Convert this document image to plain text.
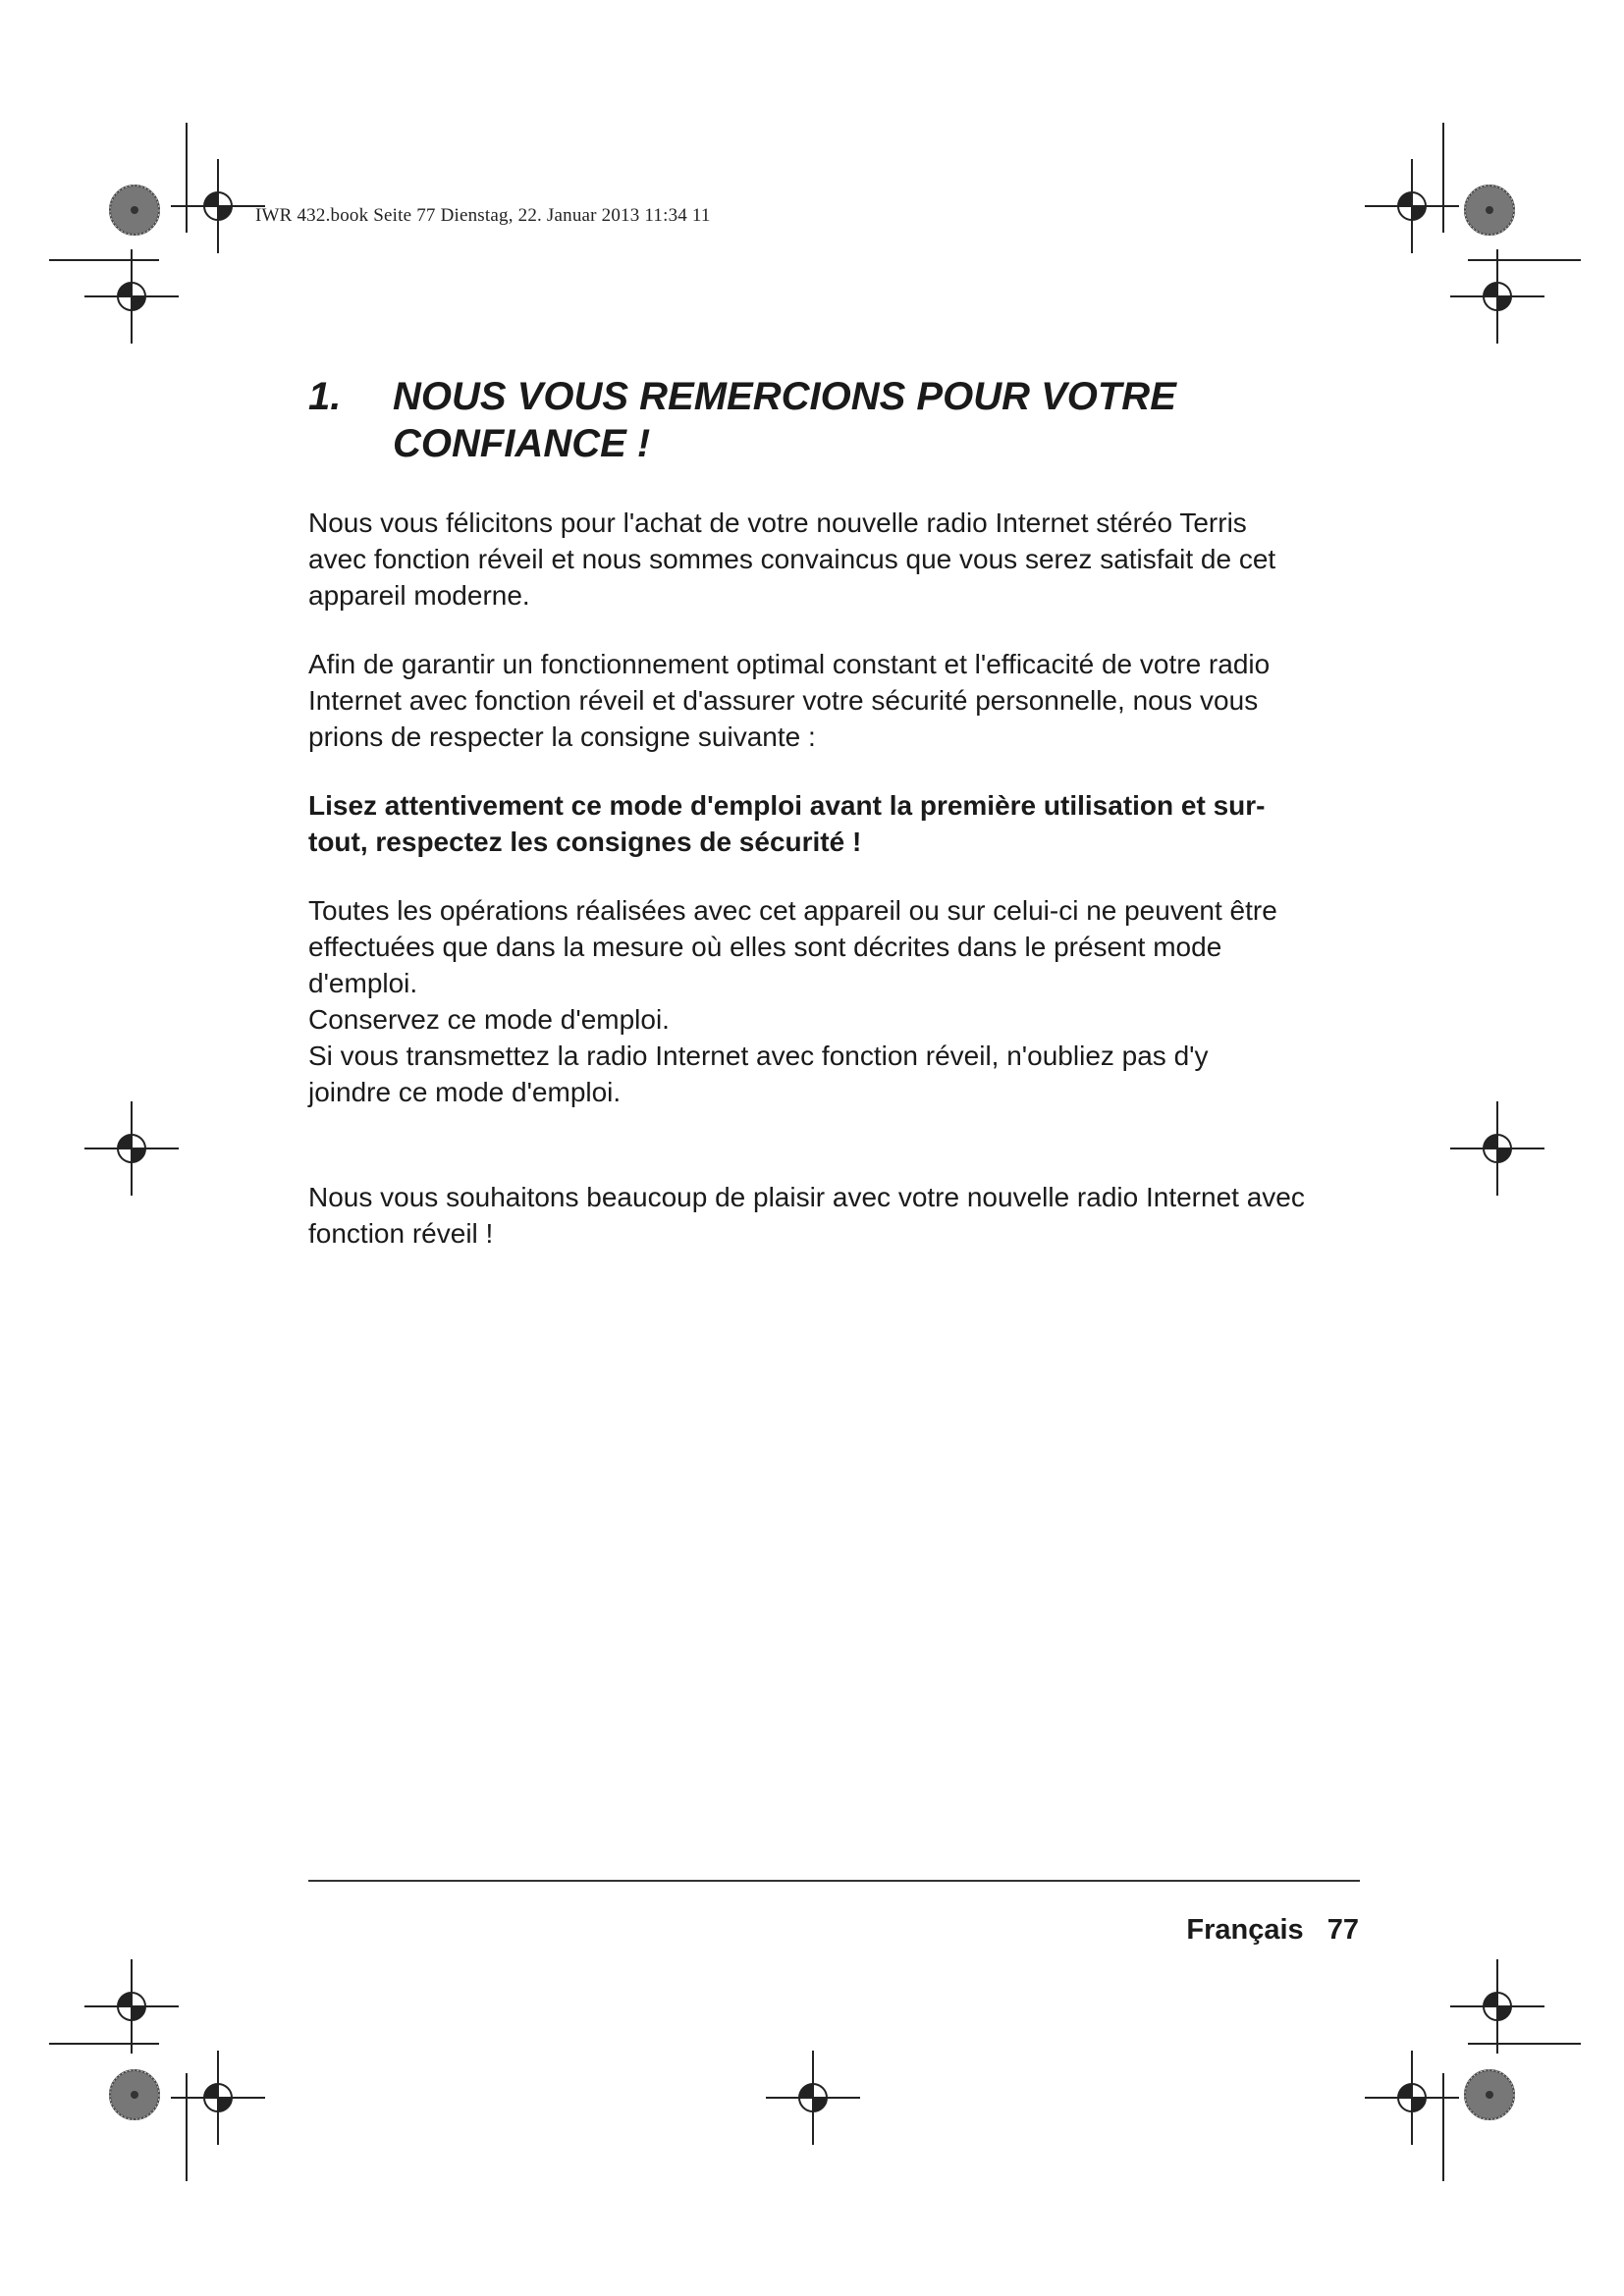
IWR 432.book Seite 77 Dienstag, 22. Januar 2013 11:34 11
1.	NOUS VOUS REMERCIONS POUR VOTRE
CONFIANCE !

Nous vous félicitons pour l'achat de votre nouvelle radio Internet stéréo Terris
avec fonction réveil et nous sommes convaincus que vous serez satisfait de cet
appareil moderne.

Afin de garantir un fonctionnement optimal constant et l'efficacité de votre radio
Internet avec fonction réveil et d'assurer votre sécurité personnelle, nous vous
prions de respecter la consigne suivante :

Lisez attentivement ce mode d'emploi avant la première utilisation et sur-
tout, respectez les consignes de sécurité !

Toutes les opérations réalisées avec cet appareil ou sur celui-ci ne peuvent être
effectuées que dans la mesure où elles sont décrites dans le présent mode
d'emploi.
Conservez ce mode d'emploi.
Si vous transmettez la radio Internet avec fonction réveil, n'oubliez pas d'y
joindre ce mode d'emploi.

Nous vous souhaitons beaucoup de plaisir avec votre nouvelle radio Internet avec
fonction réveil !

Français 77
